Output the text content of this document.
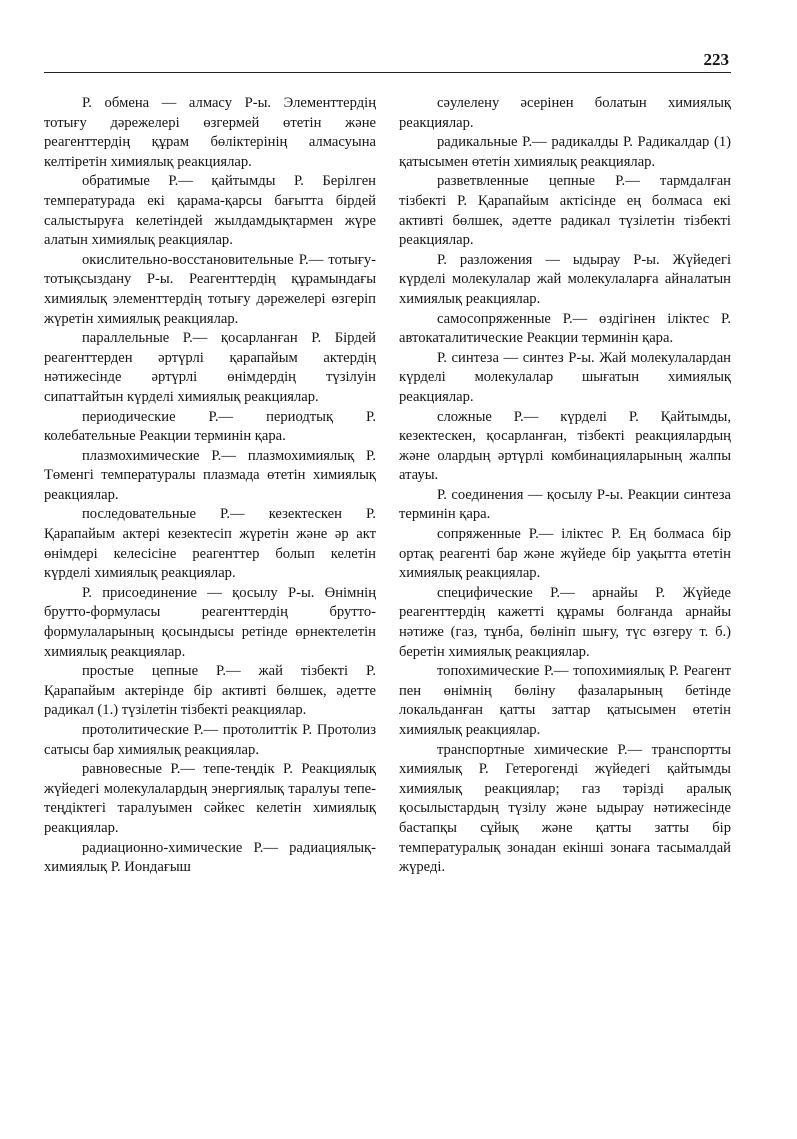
223

Р. обмена — алмасу Р-ы. Элементтердің тотығу дәрежелері өзгермей өтетін және реагенттердің құрам бөліктерінің алмасуына келтіретін химиялық реакциялар.

обратимые Р.— қайтымды Р. Берілген температурада екі қарама-қарсы бағытта бірдей салыстыруға келетіндей жылдамдықтармен жүре алатын химиялық реакциялар.

окислительно-восстановительные Р.— тотығу-тотықсыздану Р-ы. Реагенттердің құрамындағы химиялық элементтердің тотығу дәрежелері өзгеріп жүретін химиялық реакциялар.

параллельные Р.— қосарланған Р. Бірдей реагенттерден әртүрлі қарапайым актердің нәтижесінде әртүрлі өнімдердің түзілуін сипаттайтын күрделі химиялық реакциялар.

периодические Р.— периодтық Р. колебательные Реакции терминін қара.

плазмохимические Р.— плазмохимиялық Р. Төменгі температуралы плазмада өтетін химиялық реакциялар.

последовательные Р.— кезектескен Р. Қарапайым актері кезектесіп жүретін және әр акт өнімдері келесісіне реагенттер болып келетін күрделі химиялық реакциялар.

Р. присоединение — қосылу Р-ы. Өнімнің брутто-формуласы реагенттердің брутто-формулаларының қосындысы ретінде өрнектелетін химиялық реакциялар.

простые цепные Р.— жай тізбекті Р. Қарапайым актерінде бір активті бөлшек, әдетте радикал (1.) түзілетін тізбекті реакциялар.

протолитические Р.— протолиттік Р. Протолиз сатысы бар химиялық реакциялар.

равновесные Р.— тепе-теңдік Р. Реакциялық жүйедегі молекулалардың энергиялық таралуы тепе-теңдіктегі таралуымен сәйкес келетін химиялық реакциялар.

радиационно-химические Р.— радиациялық-химиялық Р. Иондағыш

сәулелену әсерінен болатын химиялық реакциялар.

радикальные Р.— радикалды Р. Радикалдар (1) қатысымен өтетін химиялық реакциялар.

разветвленные цепные Р.— тармдалған тізбекті Р. Қарапайым актісінде ең болмаса екі активті бөлшек, әдетте радикал түзілетін тізбекті реакциялар.

Р. разложения — ыдырау Р-ы. Жүйедегі күрделі молекулалар жай молекулаларға айналатын химиялық реакциялар.

самосопряженные Р.— өздігінен іліктес Р. автокаталитические Реакции терминін қара.

Р. синтеза — синтез Р-ы. Жай молекулалардан күрделі молекулалар шығатын химиялық реакциялар.

сложные Р.— күрделі Р. Қайтымды, кезектескен, қосарланған, тізбекті реакциялардың және олардың әртүрлі комбинацияларының жалпы атауы.

Р. соединения — қосылу Р-ы. Реакции синтеза терминін қара.

сопряженные Р.— іліктес Р. Ең болмаса бір ортақ реагенті бар және жүйеде бір уақытта өтетін химиялық реакциялар.

специфические Р.— арнайы Р. Жүйеде реагенттердің кажетті құрамы болғанда арнайы нәтиже (газ, тұнба, бөлініп шығу, түс өзгеру т. б.) беретін химиялық реакциялар.

топохимические Р.— топохимиялық Р. Реагент пен өнімнің бөліну фазаларының бетінде локальданған қатты заттар қатысымен өтетін химиялық реакциялар.

транспортные химические Р.— транспортты химиялық Р. Гетерогенді жүйедегі қайтымды химиялық реакциялар; газ тәрізді аралық қосылыстардың түзілу және ыдырау нәтижесінде бастапқы сұйық және қатты затты бір температуралық зонадан екінші зонаға тасымалдай жүреді.
